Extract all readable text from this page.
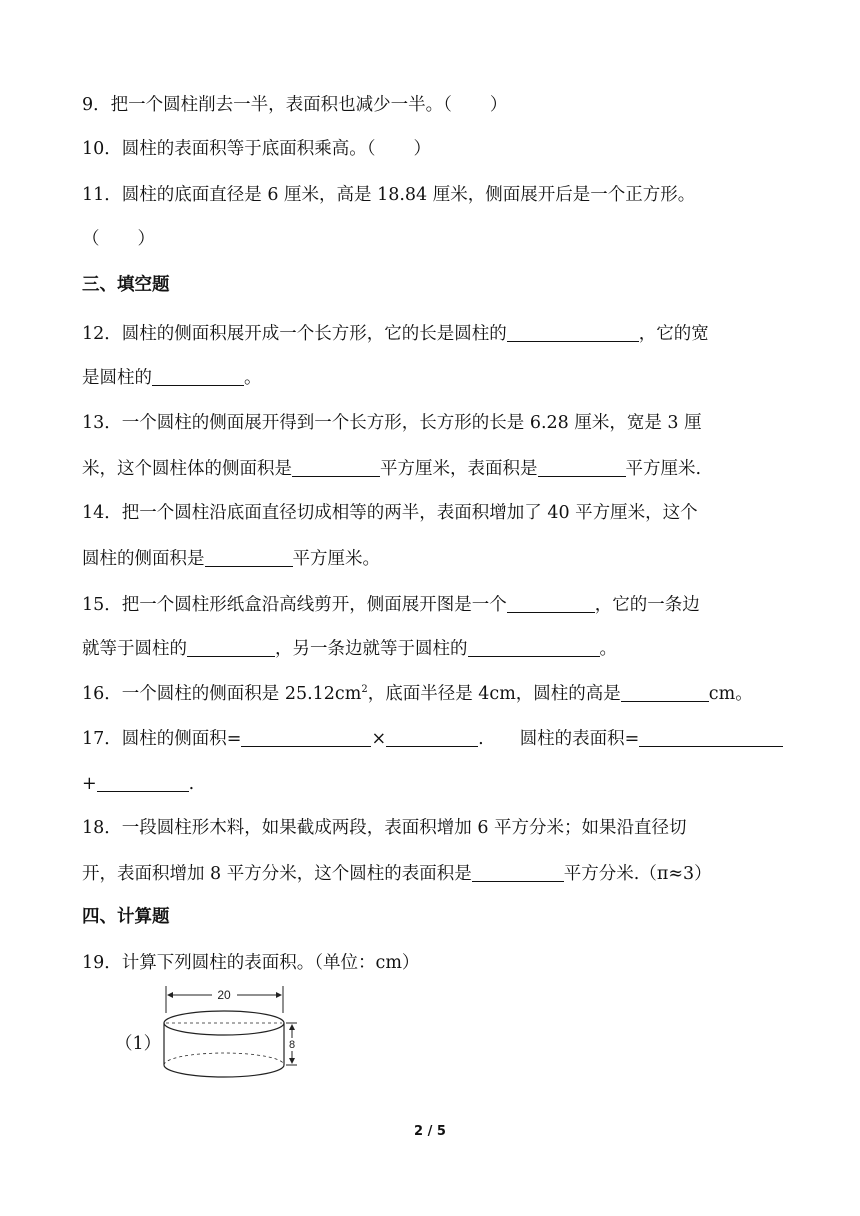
9．把一个圆柱削去一半，表面积也减少一半。（ ）
10．圆柱的表面积等于底面积乘高。（ ）
11．圆柱的底面直径是 6 厘米，高是 18.84 厘米，侧面展开后是一个正方形。
（ ）
三、填空题
12．圆柱的侧面积展开成一个长方形，它的长是圆柱的	，它的宽
是圆柱的	。
13．一个圆柱的侧面展开得到一个长方形，长方形的长是 6.28 厘米，宽是 3 厘
米，这个圆柱体的侧面积是	平方厘米，表面积是	平方厘米.
14．把一个圆柱沿底面直径切成相等的两半，表面积增加了 40 平方厘米，这个
圆柱的侧面积是	平方厘米。
15．把一个圆柱形纸盒沿高线剪开，侧面展开图是一个	，它的一条边
就等于圆柱的	，另一条边就等于圆柱的	。
16．一个圆柱的侧面积是 $25.12cm^2$，底面半径是 4cm，圆柱的高是	cm。
17．圆柱的侧面积=	×	. 圆柱的表面积=
+	.
18．一段圆柱形木料，如果截成两段，表面积增加 6 平方分米；如果沿直径切
开，表面积增加 8 平方分米，这个圆柱的表面积是	平方分米.（π≈3）
四、计算题
19．计算下列圆柱的表面积。（单位：cm）
（1）
20
8
2 / 5
